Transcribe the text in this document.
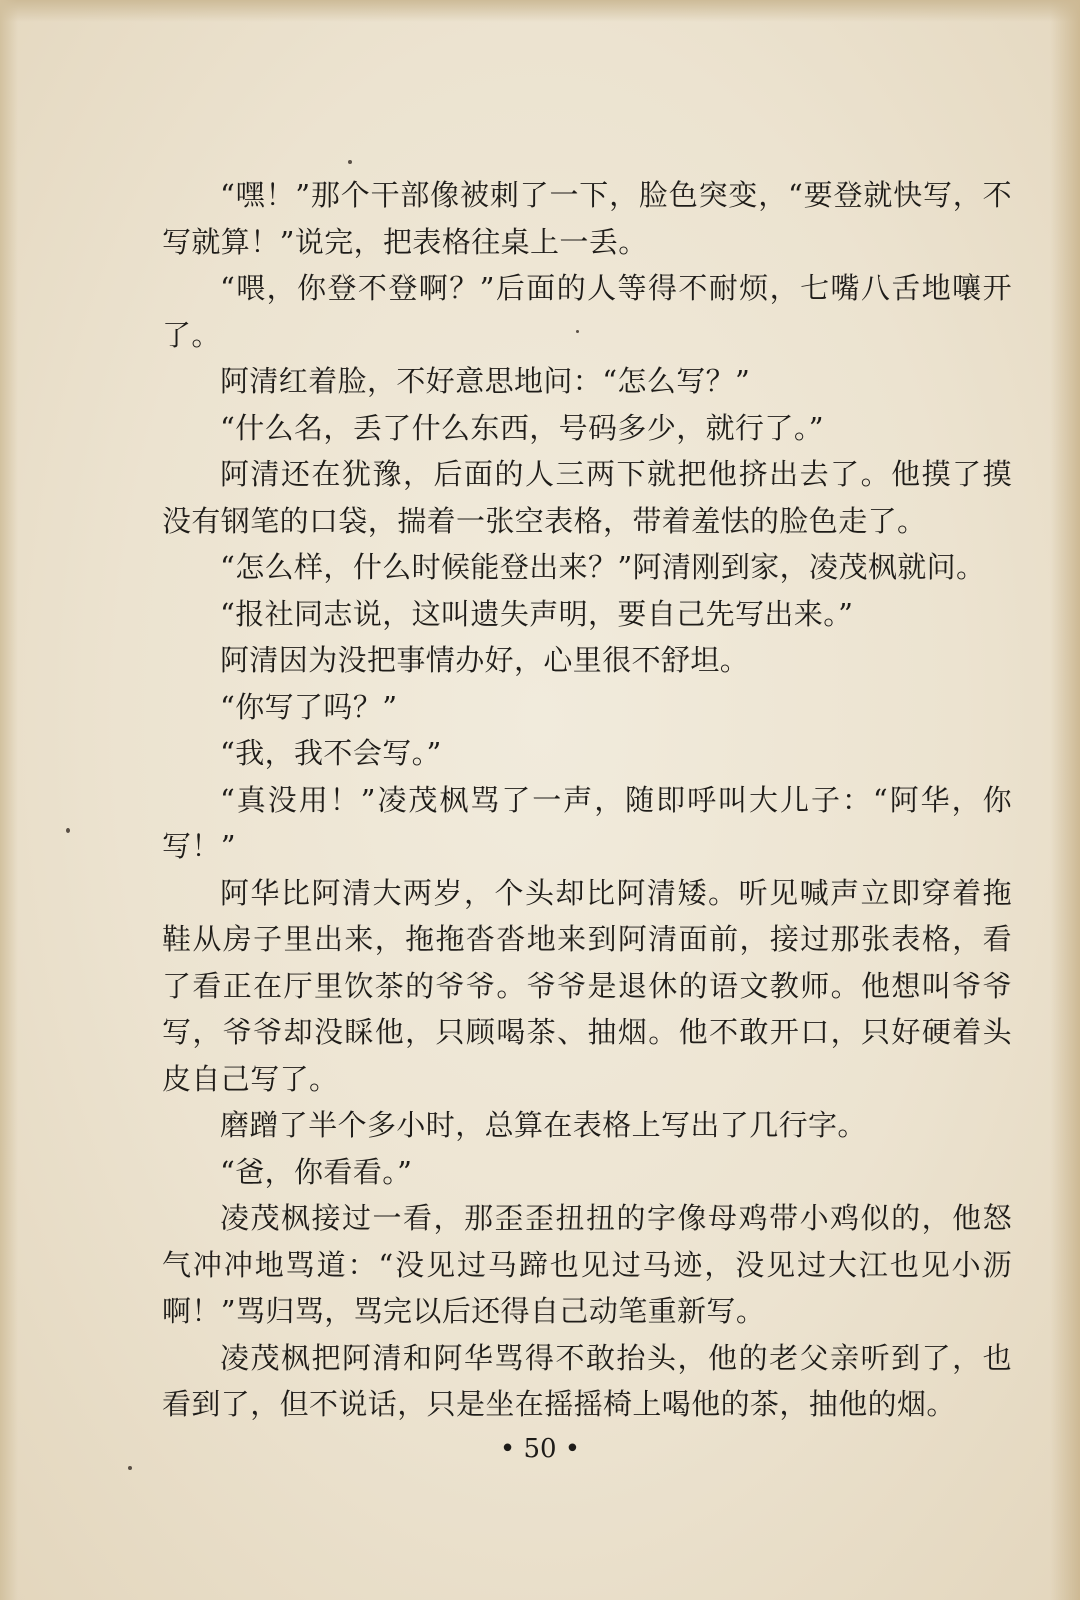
“嘿！”那个干部像被刺了一下，脸色突变，“要登就快写，不写就算！”说完，把表格往桌上一丢。

“喂，你登不登啊？”后面的人等得不耐烦，七嘴八舌地嚷开了。

阿清红着脸，不好意思地问：“怎么写？”

“什么名，丢了什么东西，号码多少，就行了。”

阿清还在犹豫，后面的人三两下就把他挤出去了。他摸了摸没有钢笔的口袋，揣着一张空表格，带着羞怯的脸色走了。

“怎么样，什么时候能登出来？”阿清刚到家，凌茂枫就问。

“报社同志说，这叫遗失声明，要自己先写出来。”

阿清因为没把事情办好，心里很不舒坦。

“你写了吗？”

“我，我不会写。”

“真没用！”凌茂枫骂了一声，随即呼叫大儿子：“阿华，你写！”

阿华比阿清大两岁，个头却比阿清矮。听见喊声立即穿着拖鞋从房子里出来，拖拖沓沓地来到阿清面前，接过那张表格，看了看正在厅里饮茶的爷爷。爷爷是退休的语文教师。他想叫爷爷写，爷爷却没睬他，只顾喝茶、抽烟。他不敢开口，只好硬着头皮自己写了。

磨蹭了半个多小时，总算在表格上写出了几行字。

“爸，你看看。”

凌茂枫接过一看，那歪歪扭扭的字像母鸡带小鸡似的，他怒气冲冲地骂道：“没见过马蹄也见过马迹，没见过大江也见小沥啊！”骂归骂，骂完以后还得自己动笔重新写。

凌茂枫把阿清和阿华骂得不敢抬头，他的老父亲听到了，也看到了，但不说话，只是坐在摇摇椅上喝他的茶，抽他的烟。

• 50 •
